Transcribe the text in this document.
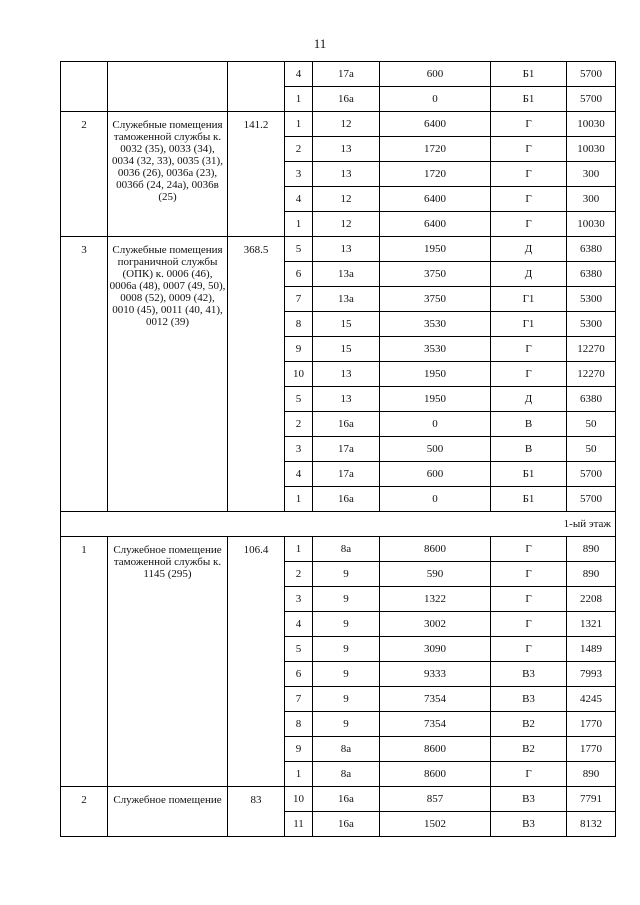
11
			4	17а	600	Б1	5700
			1	16а	0	Б1	5700
2	Служебные помещения таможенной службы к. 0032 (35), 0033 (34), 0034 (32, 33), 0035 (31), 0036 (26), 0036а (23), 0036б (24, 24а), 0036в (25)	141.2	1	12	6400	Г	10030
			2	13	1720	Г	10030
			3	13	1720	Г	300
			4	12	6400	Г	300
			1	12	6400	Г	10030
3	Служебные помещения пограничной службы (ОПК) к. 0006 (46), 0006а (48), 0007 (49, 50), 0008 (52), 0009 (42), 0010 (45), 0011 (40, 41), 0012 (39)	368.5	5	13	1950	Д	6380
			6	13а	3750	Д	6380
			7	13а	3750	Г1	5300
			8	15	3530	Г1	5300
			9	15	3530	Г	12270
			10	13	1950	Г	12270
			5	13	1950	Д	6380
			2	16а	0	В	50
			3	17а	500	В	50
			4	17а	600	Б1	5700
			1	16а	0	Б1	5700
1-ый этаж							
1	Служебное помещение таможенной службы к. 1145 (295)	106.4	1	8а	8600	Г	890
			2	9	590	Г	890
			3	9	1322	Г	2208
			4	9	3002	Г	1321
			5	9	3090	Г	1489
			6	9	9333	В3	7993
			7	9	7354	В3	4245
			8	9	7354	В2	1770
			9	8а	8600	В2	1770
			1	8а	8600	Г	890
2	Служебное помещение	83	10	16а	857	В3	7791
			11	16а	1502	В3	8132
